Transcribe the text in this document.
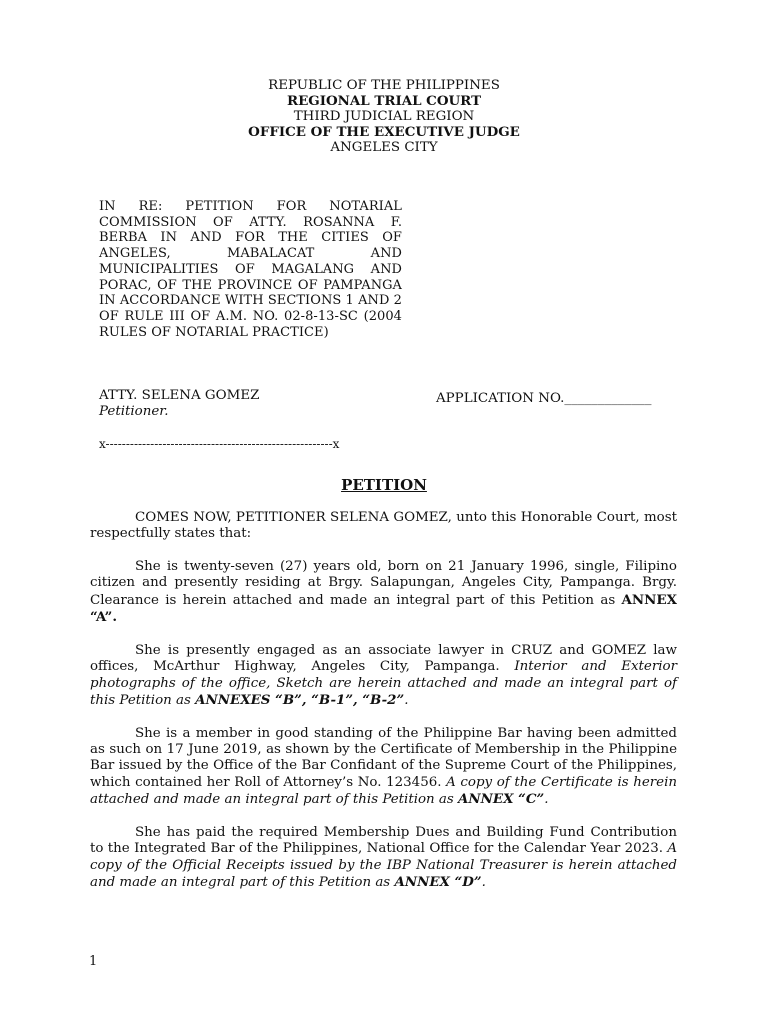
REPUBLIC OF THE PHILIPPINES
REGIONAL TRIAL COURT
THIRD JUDICIAL REGION
OFFICE OF THE EXECUTIVE JUDGE
ANGELES CITY
IN RE: PETITION FOR NOTARIAL COMMISSION OF ATTY. ROSANNA F. BERBA IN AND FOR THE CITIES OF ANGELES, MABALACAT AND MUNICIPALITIES OF MAGALANG AND PORAC, OF THE PROVINCE OF PAMPANGA IN ACCORDANCE WITH SECTIONS 1 AND 2 OF RULE III OF A.M. NO. 02-8-13-SC (2004 RULES OF NOTARIAL PRACTICE)
ATTY. SELENA GOMEZ
Petitioner.
APPLICATION NO._____________
x--------------------------------------------------------x
PETITION

COMES NOW, PETITIONER SELENA GOMEZ, unto this Honorable Court, most respectfully states that:

She is twenty-seven (27) years old, born on 21 January 1996, single, Filipino citizen and presently residing at Brgy. Salapungan, Angeles City, Pampanga. Brgy. Clearance is herein attached and made an integral part of this Petition as ANNEX “A”.

She is presently engaged as an associate lawyer in CRUZ and GOMEZ law offices, McArthur Highway, Angeles City, Pampanga. Interior and Exterior photographs of the office, Sketch are herein attached and made an integral part of this Petition as ANNEXES “B”, “B-1”, “B-2”.

She is a member in good standing of the Philippine Bar having been admitted as such on 17 June 2019, as shown by the Certificate of Membership in the Philippine Bar issued by the Office of the Bar Confidant of the Supreme Court of the Philippines, which contained her Roll of Attorney’s No. 123456. A copy of the Certificate is herein attached and made an integral part of this Petition as ANNEX “C”.

She has paid the required Membership Dues and Building Fund Contribution to the Integrated Bar of the Philippines, National Office for the Calendar Year 2023. A copy of the Official Receipts issued by the IBP National Treasurer is herein attached and made an integral part of this Petition as ANNEX “D”.

1
